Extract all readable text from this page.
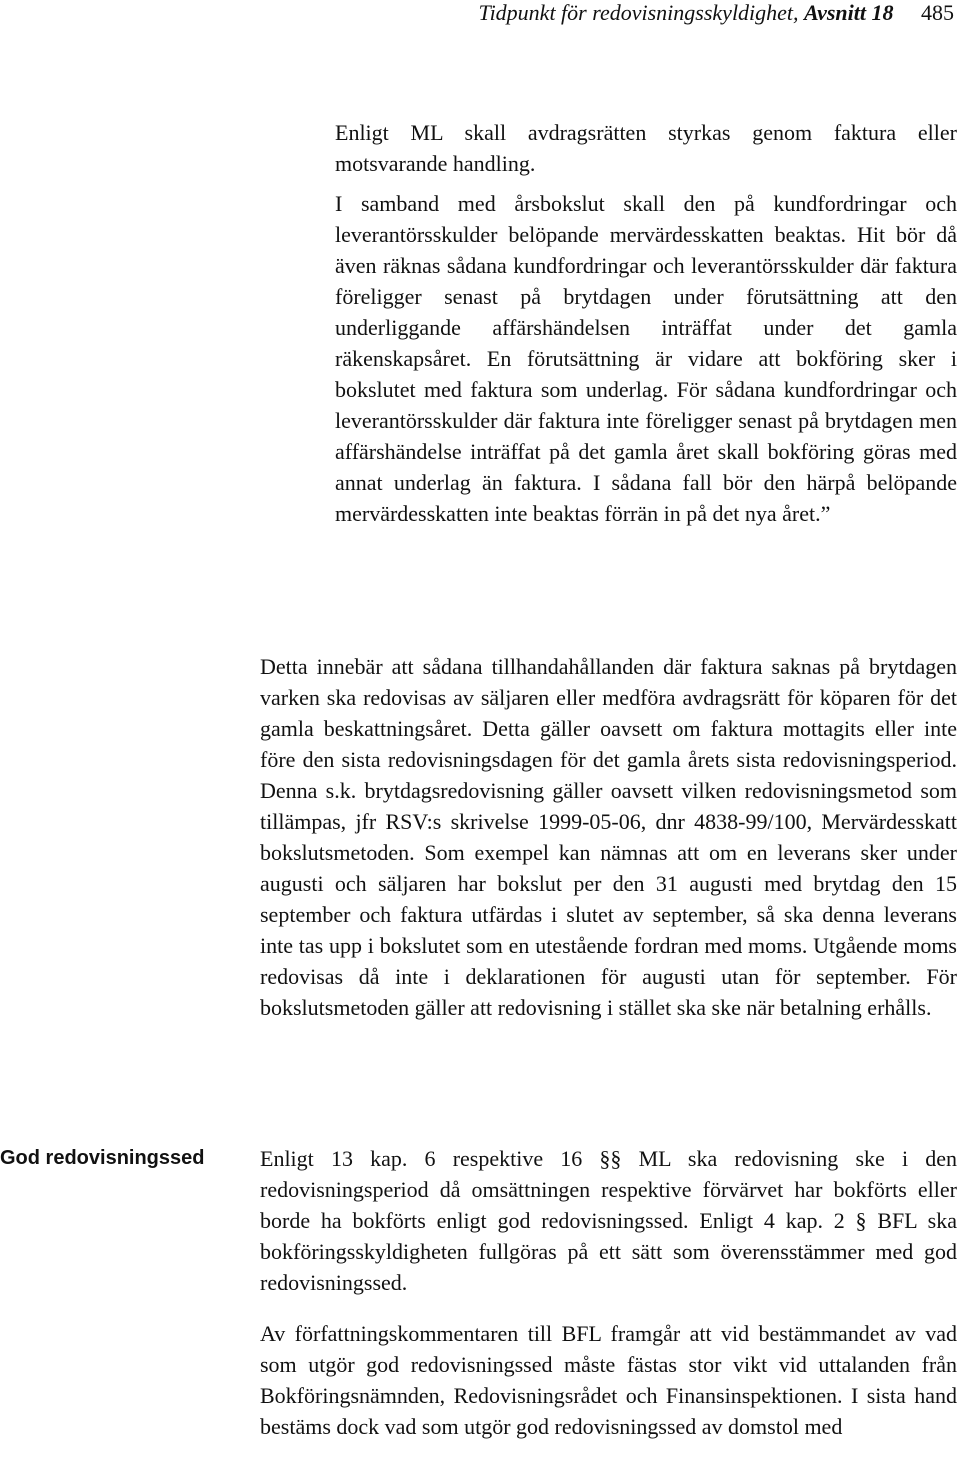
Tidpunkt för redovisningsskyldighet, Avsnitt 18 485

Enligt ML skall avdragsrätten styrkas genom faktura eller motsvarande handling.

I samband med årsbokslut skall den på kundfordringar och leverantörsskulder belöpande mervärdesskatten beaktas. Hit bör då även räknas sådana kundfordringar och leverantörsskulder där faktura föreligger senast på brytdagen under förutsättning att den underliggande affärshändelsen inträffat under det gamla räkenskapsåret. En förutsättning är vidare att bokföring sker i bokslutet med faktura som underlag. För sådana kundfordringar och leverantörsskulder där faktura inte föreligger senast på brytdagen men affärshändelse inträffat på det gamla året skall bokföring göras med annat underlag än faktura. I sådana fall bör den härpå belöpande mervärdesskatten inte beaktas förrän in på det nya året.”

Detta innebär att sådana tillhandahållanden där faktura saknas på brytdagen varken ska redovisas av säljaren eller medföra avdragsrätt för köparen för det gamla beskattningsåret. Detta gäller oavsett om faktura mottagits eller inte före den sista redovisningsdagen för det gamla årets sista redovisningsperiod. Denna s.k. brytdagsredovisning gäller oavsett vilken redovisningsmetod som tillämpas, jfr RSV:s skrivelse 1999-05-06, dnr 4838-99/100, Mervärdesskatt bokslutsmetoden. Som exempel kan nämnas att om en leverans sker under augusti och säljaren har bokslut per den 31 augusti med brytdag den 15 september och faktura utfärdas i slutet av september, så ska denna leverans inte tas upp i bokslutet som en utestående fordran med moms. Utgående moms redovisas då inte i deklarationen för augusti utan för september. För bokslutsmetoden gäller att redovisning i stället ska ske när betalning erhålls.

God redovisningssed	Enligt 13 kap. 6 respektive 16 §§ ML ska redovisning ske i den redovisningsperiod då omsättningen respektive förvärvet har bokförts eller borde ha bokförts enligt god redovisningssed. Enligt 4 kap. 2 § BFL ska bokföringsskyldigheten fullgöras på ett sätt som överensstämmer med god redovisningssed.

Av författningskommentaren till BFL framgår att vid bestämmandet av vad som utgör god redovisningssed måste fästas stor vikt vid uttalanden från Bokföringsnämnden, Redovisningsrådet och Finansinspektionen. I sista hand bestäms dock vad som utgör god redovisningssed av domstol med
